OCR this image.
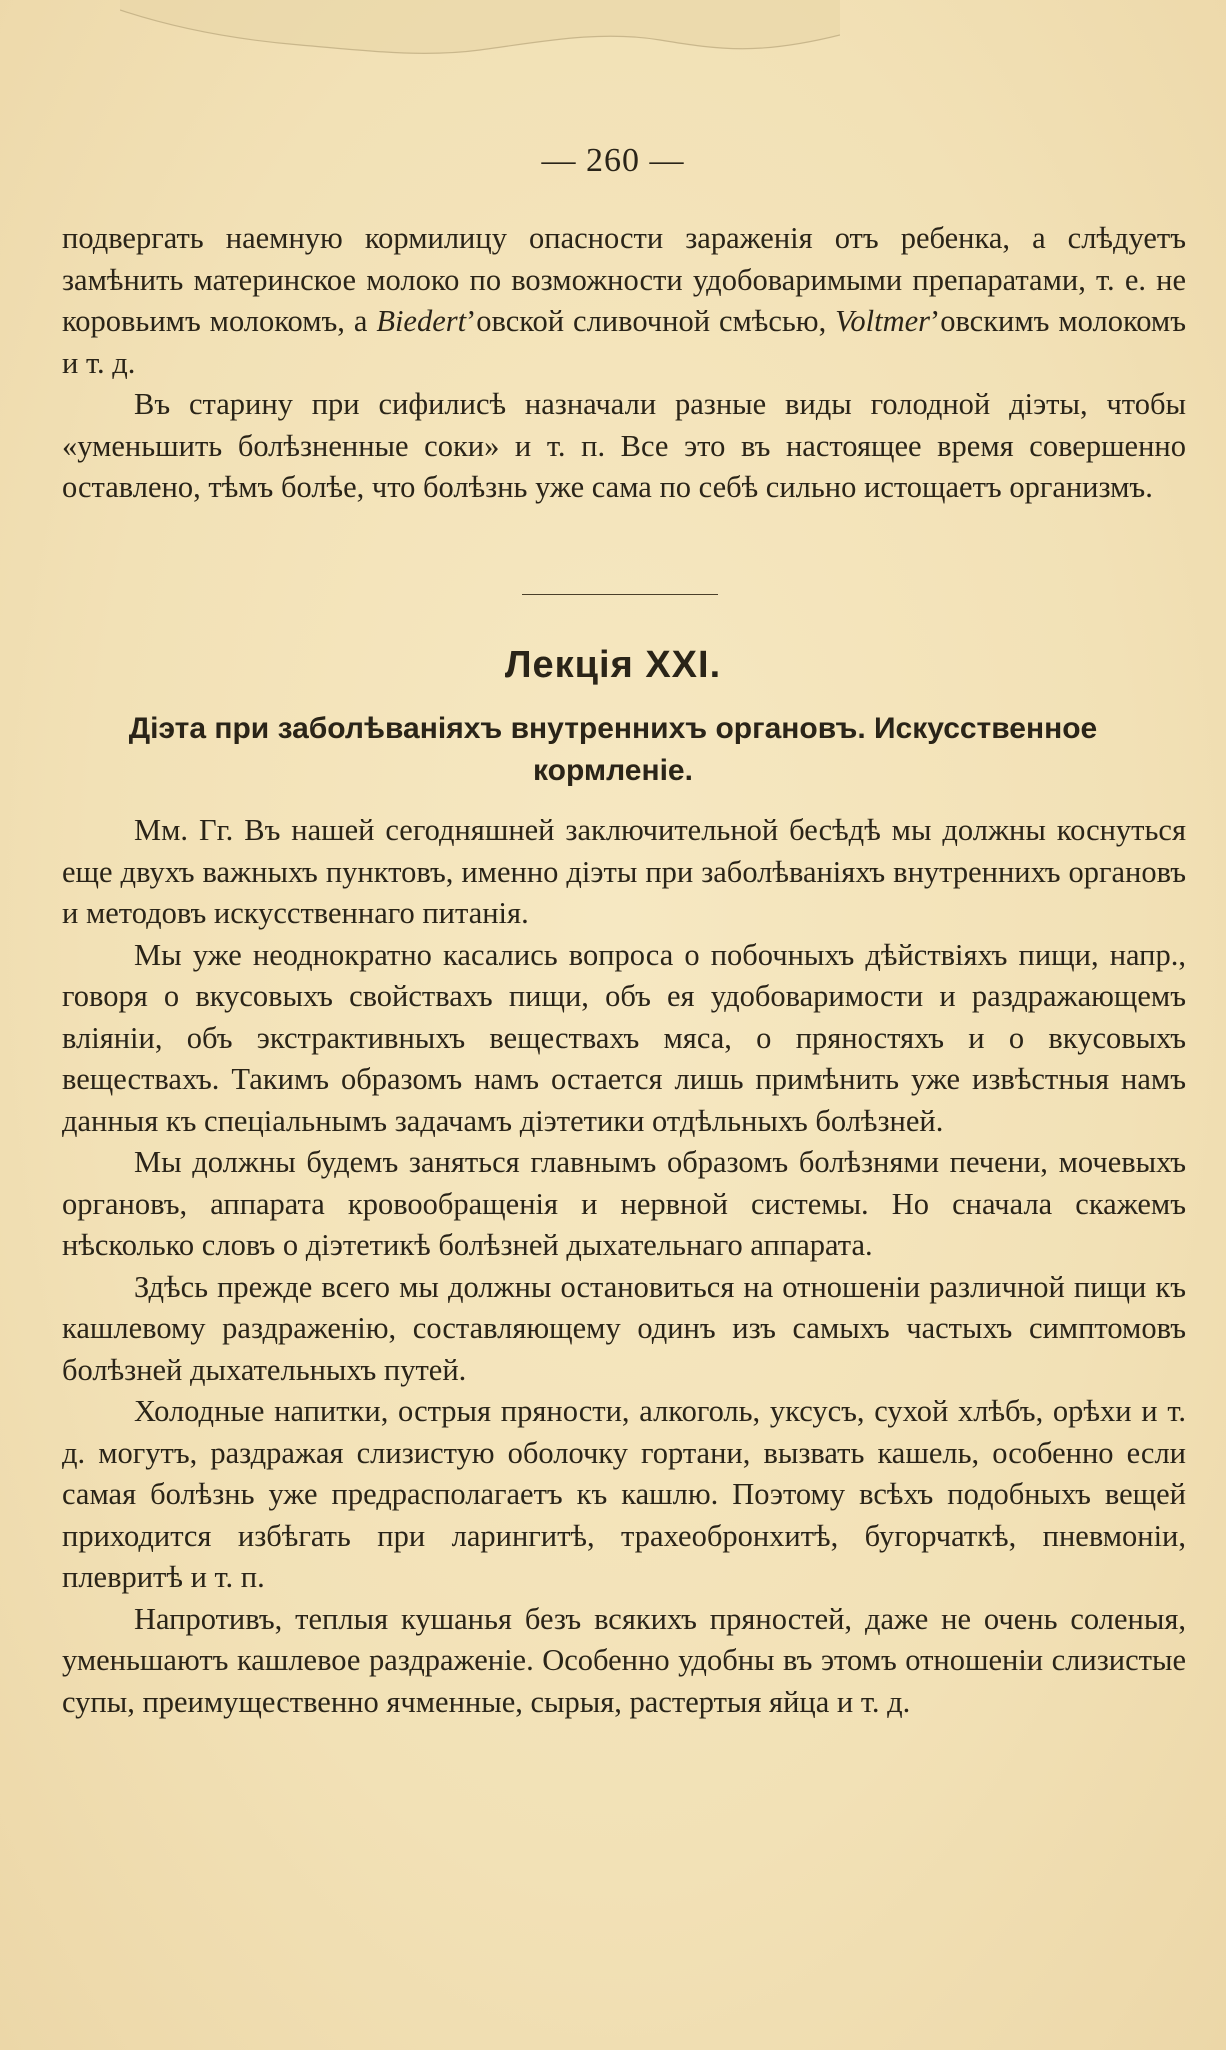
— 260 —

подвергать наемную кормилицу опасности зараженія отъ ребенка, а слѣдуетъ замѣнить материнское молоко по возможности удобоваримыми препаратами, т. е. не коровьимъ молокомъ, а Biedert’овской сливочной смѣсью, Voltmer’овскимъ молокомъ и т. д.

Въ старину при сифилисѣ назначали разные виды голодной діэты, чтобы «уменьшить болѣзненные соки» и т. п. Все это въ настоящее время совершенно оставлено, тѣмъ болѣе, что болѣзнь уже сама по себѣ сильно истощаетъ организмъ.

Лекція XXI.
Діэта при заболѣваніяхъ внутреннихъ органовъ. Искусственное кормленіе.

Мм. Гг. Въ нашей сегодняшней заключительной бесѣдѣ мы должны коснуться еще двухъ важныхъ пунктовъ, именно діэты при заболѣваніяхъ внутреннихъ органовъ и методовъ искусственнаго питанія.

Мы уже неоднократно касались вопроса о побочныхъ дѣйствіяхъ пищи, напр., говоря о вкусовыхъ свойствахъ пищи, объ ея удобоваримости и раздражающемъ вліяніи, объ экстрактивныхъ веществахъ мяса, о пряностяхъ и о вкусовыхъ веществахъ. Такимъ образомъ намъ остается лишь примѣнить уже извѣстныя намъ данныя къ спеціальнымъ задачамъ діэтетики отдѣльныхъ болѣзней.

Мы должны будемъ заняться главнымъ образомъ болѣзнями печени, мочевыхъ органовъ, аппарата кровообращенія и нервной системы. Но сначала скажемъ нѣсколько словъ о діэтетикѣ болѣзней дыхательнаго аппарата.

Здѣсь прежде всего мы должны остановиться на отношеніи различной пищи къ кашлевому раздраженію, составляющему одинъ изъ самыхъ частыхъ симптомовъ болѣзней дыхательныхъ путей.

Холодные напитки, острыя пряности, алкоголь, уксусъ, сухой хлѣбъ, орѣхи и т. д. могутъ, раздражая слизистую оболочку гортани, вызвать кашель, особенно если самая болѣзнь уже предрасполагаетъ къ кашлю. Поэтому всѣхъ подобныхъ вещей приходится избѣгать при ларингитѣ, трахеобронхитѣ, бугорчаткѣ, пневмоніи, плевритѣ и т. п.

Напротивъ, теплыя кушанья безъ всякихъ пряностей, даже не очень соленыя, уменьшаютъ кашлевое раздраженіе. Особенно удобны въ этомъ отношеніи слизистые супы, преимущественно ячменные, сырыя, растертыя яйца и т. д.
